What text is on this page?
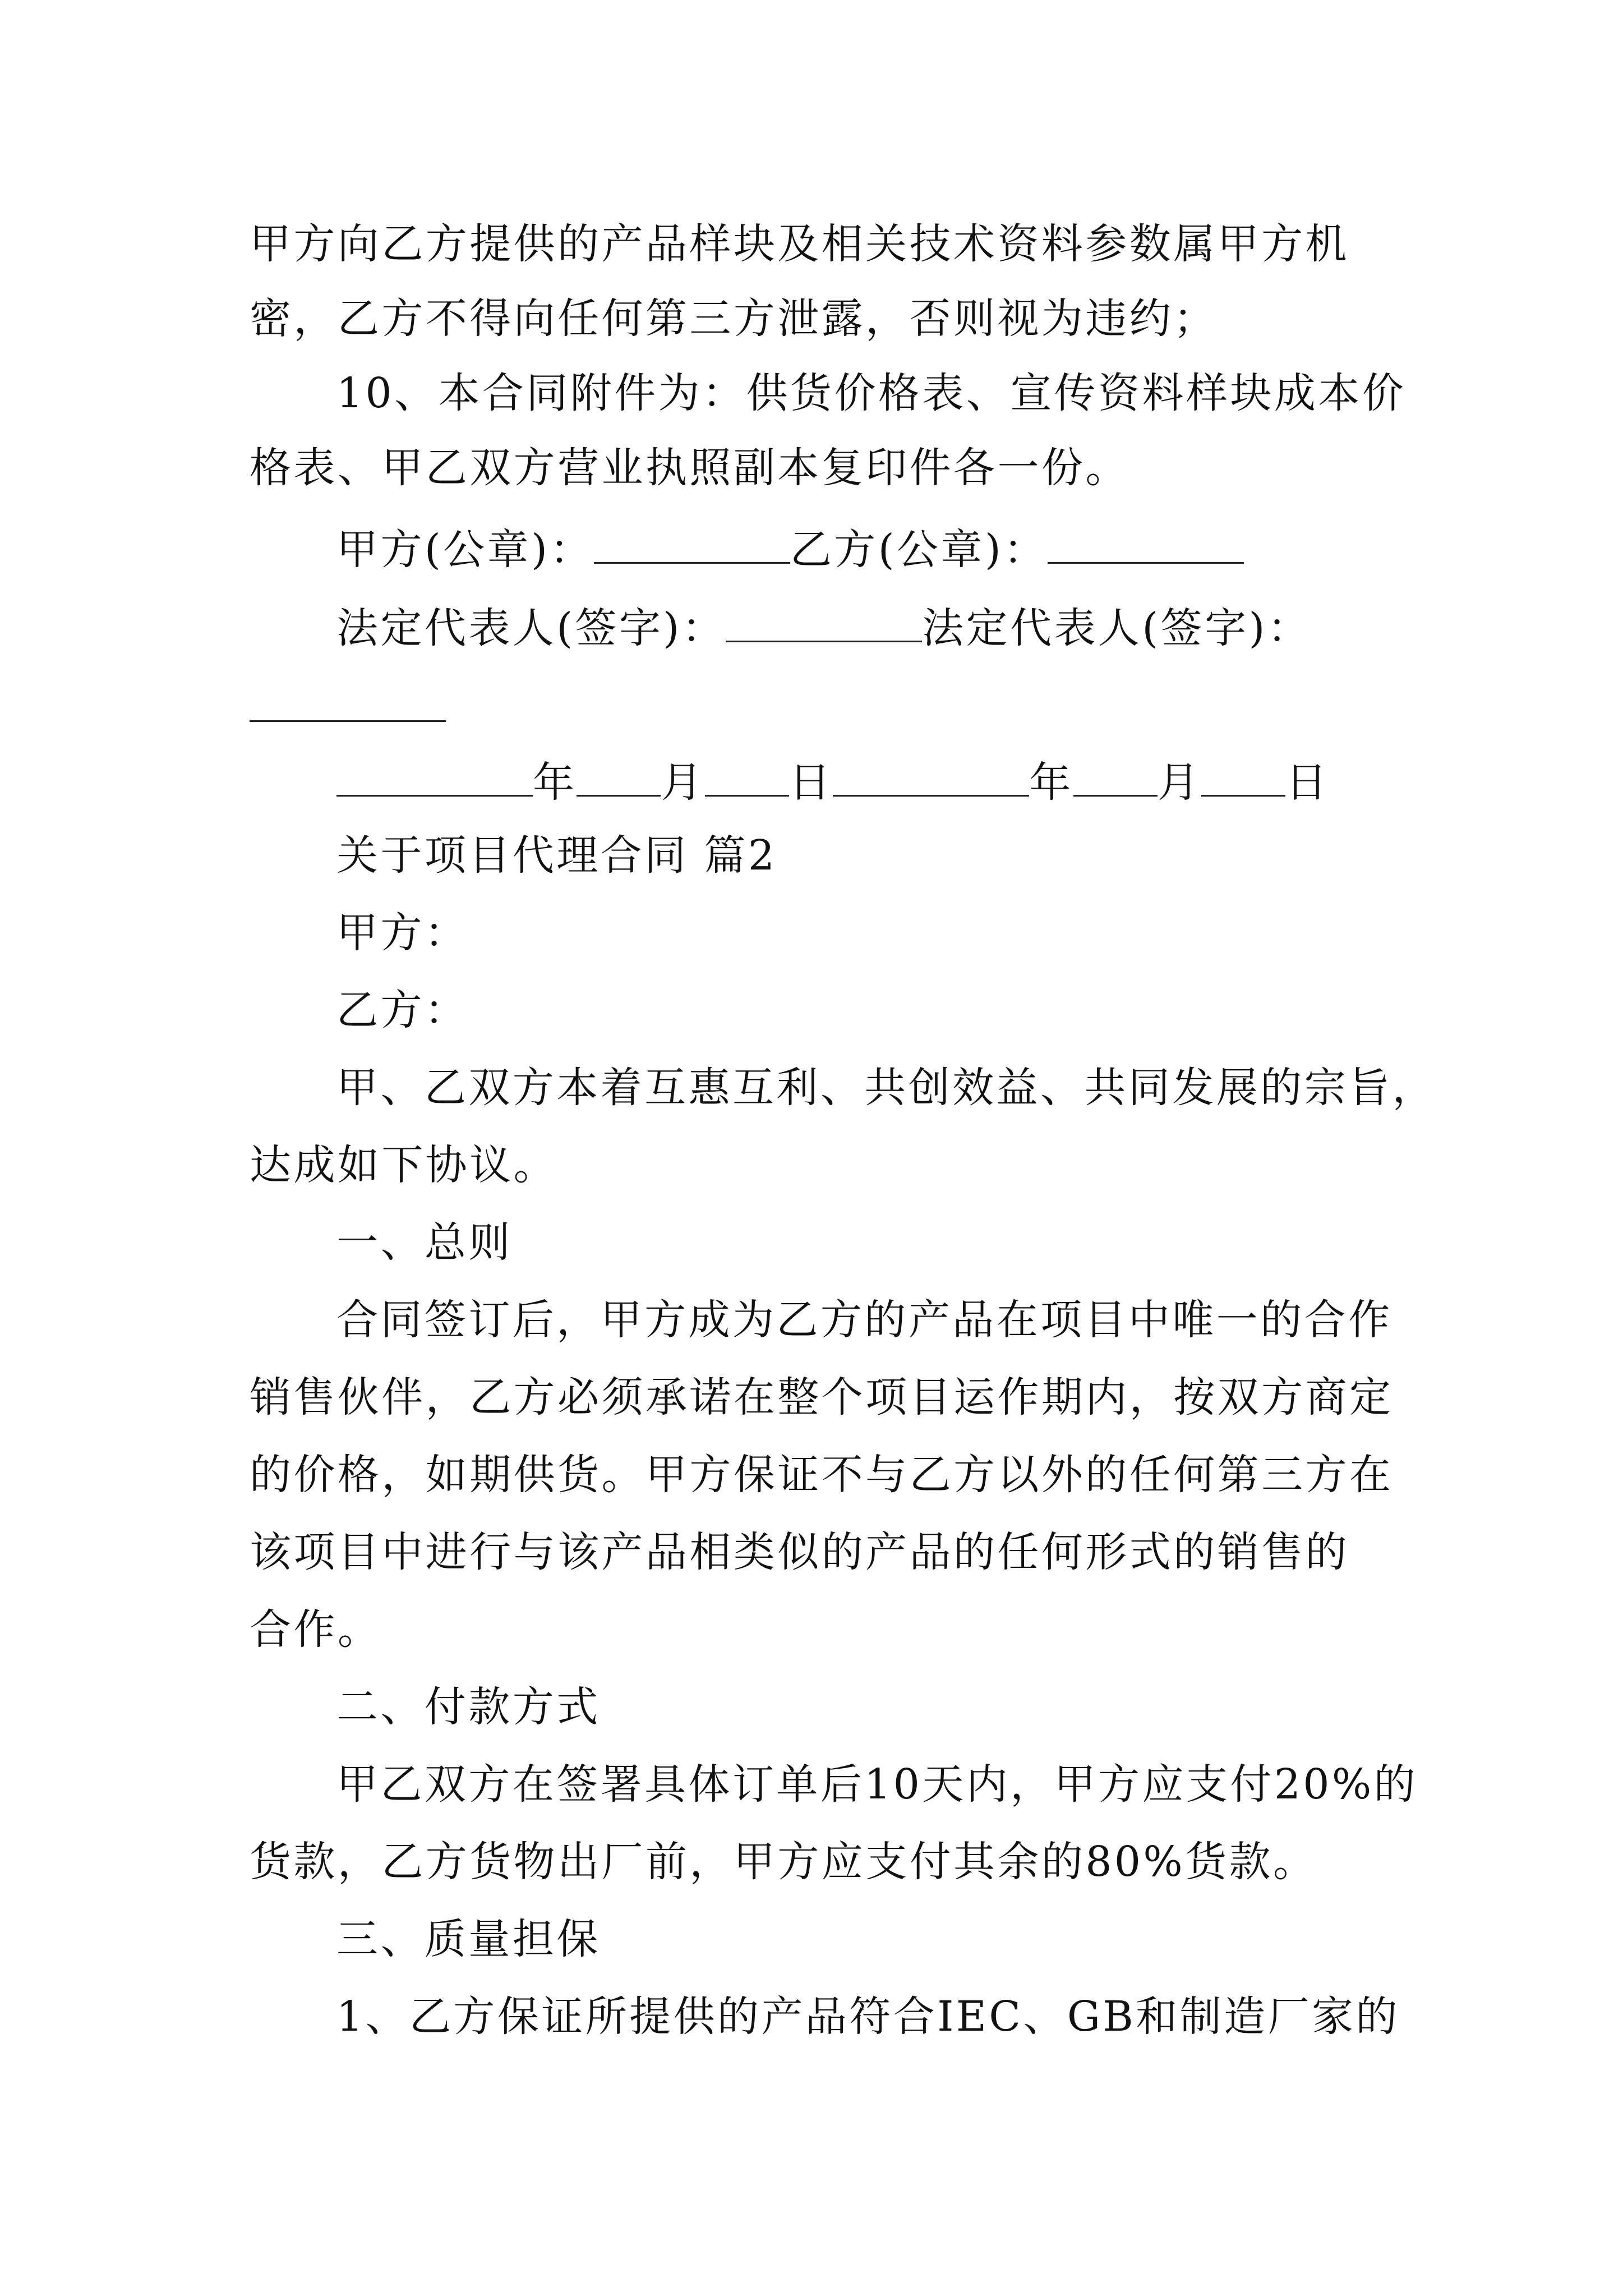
甲方向乙方提供的产品样块及相关技术资料参数属甲方机
密，乙方不得向任何第三方泄露，否则视为违约；
10、本合同附件为：供货价格表、宣传资料样块成本价
格表、甲乙双方营业执照副本复印件各一份。
甲方(公章)：	乙方(公章)：
法定代表人(签字)：	法定代表人(签字)：
年 月 日	年 月 日
关于项目代理合同 篇2
甲方：
乙方：
甲、乙双方本着互惠互利、共创效益、共同发展的宗旨，
达成如下协议。
一、总则
合同签订后，甲方成为乙方的产品在项目中唯一的合作
销售伙伴，乙方必须承诺在整个项目运作期内，按双方商定
的价格，如期供货。甲方保证不与乙方以外的任何第三方在
该项目中进行与该产品相类似的产品的任何形式的销售的
合作。
二、付款方式
甲乙双方在签署具体订单后10天内，甲方应支付20%的
货款，乙方货物出厂前，甲方应支付其余的80%货款。
三、质量担保
1、乙方保证所提供的产品符合IEC、GB和制造厂家的
